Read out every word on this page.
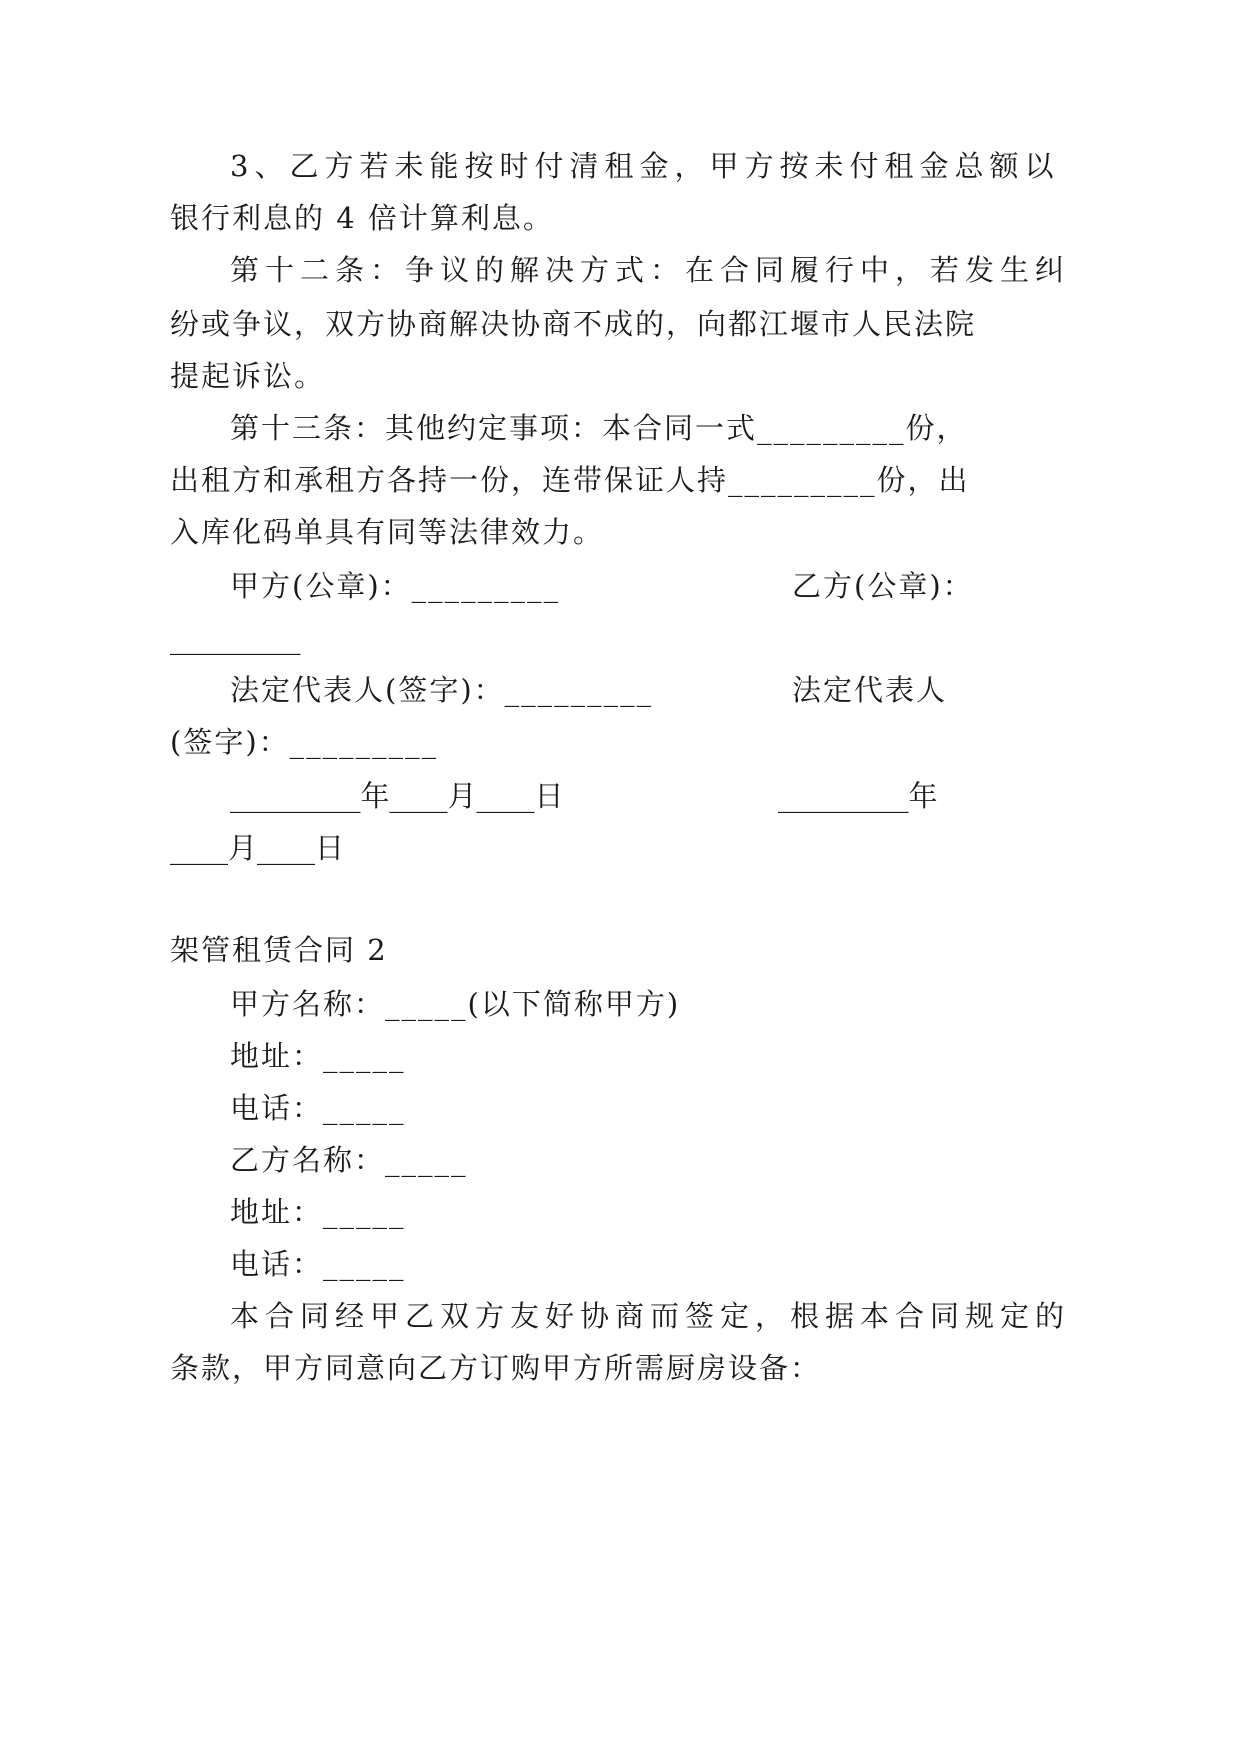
3、乙方若未能按时付清租金，甲方按未付租金总额以
银行利息的 4 倍计算利息。
第十二条：争议的解决方式：在合同履行中，若发生纠
纷或争议，双方协商解决协商不成的，向都江堰市人民法院
提起诉讼。
第十三条：其他约定事项：本合同一式_________份，
出租方和承租方各持一份，连带保证人持_________份，出
入库化码单具有同等法律效力。
甲方(公章)：_________	乙方(公章)：
_________
法定代表人(签字)：_________	法定代表人
(签字)：_________
_________年____月____日	_________年
____月____日
架管租赁合同 2
甲方名称：_____(以下简称甲方)
地址：_____
电话：_____
乙方名称：_____
地址：_____
电话：_____
本合同经甲乙双方友好协商而签定，根据本合同规定的
条款，甲方同意向乙方订购甲方所需厨房设备：
